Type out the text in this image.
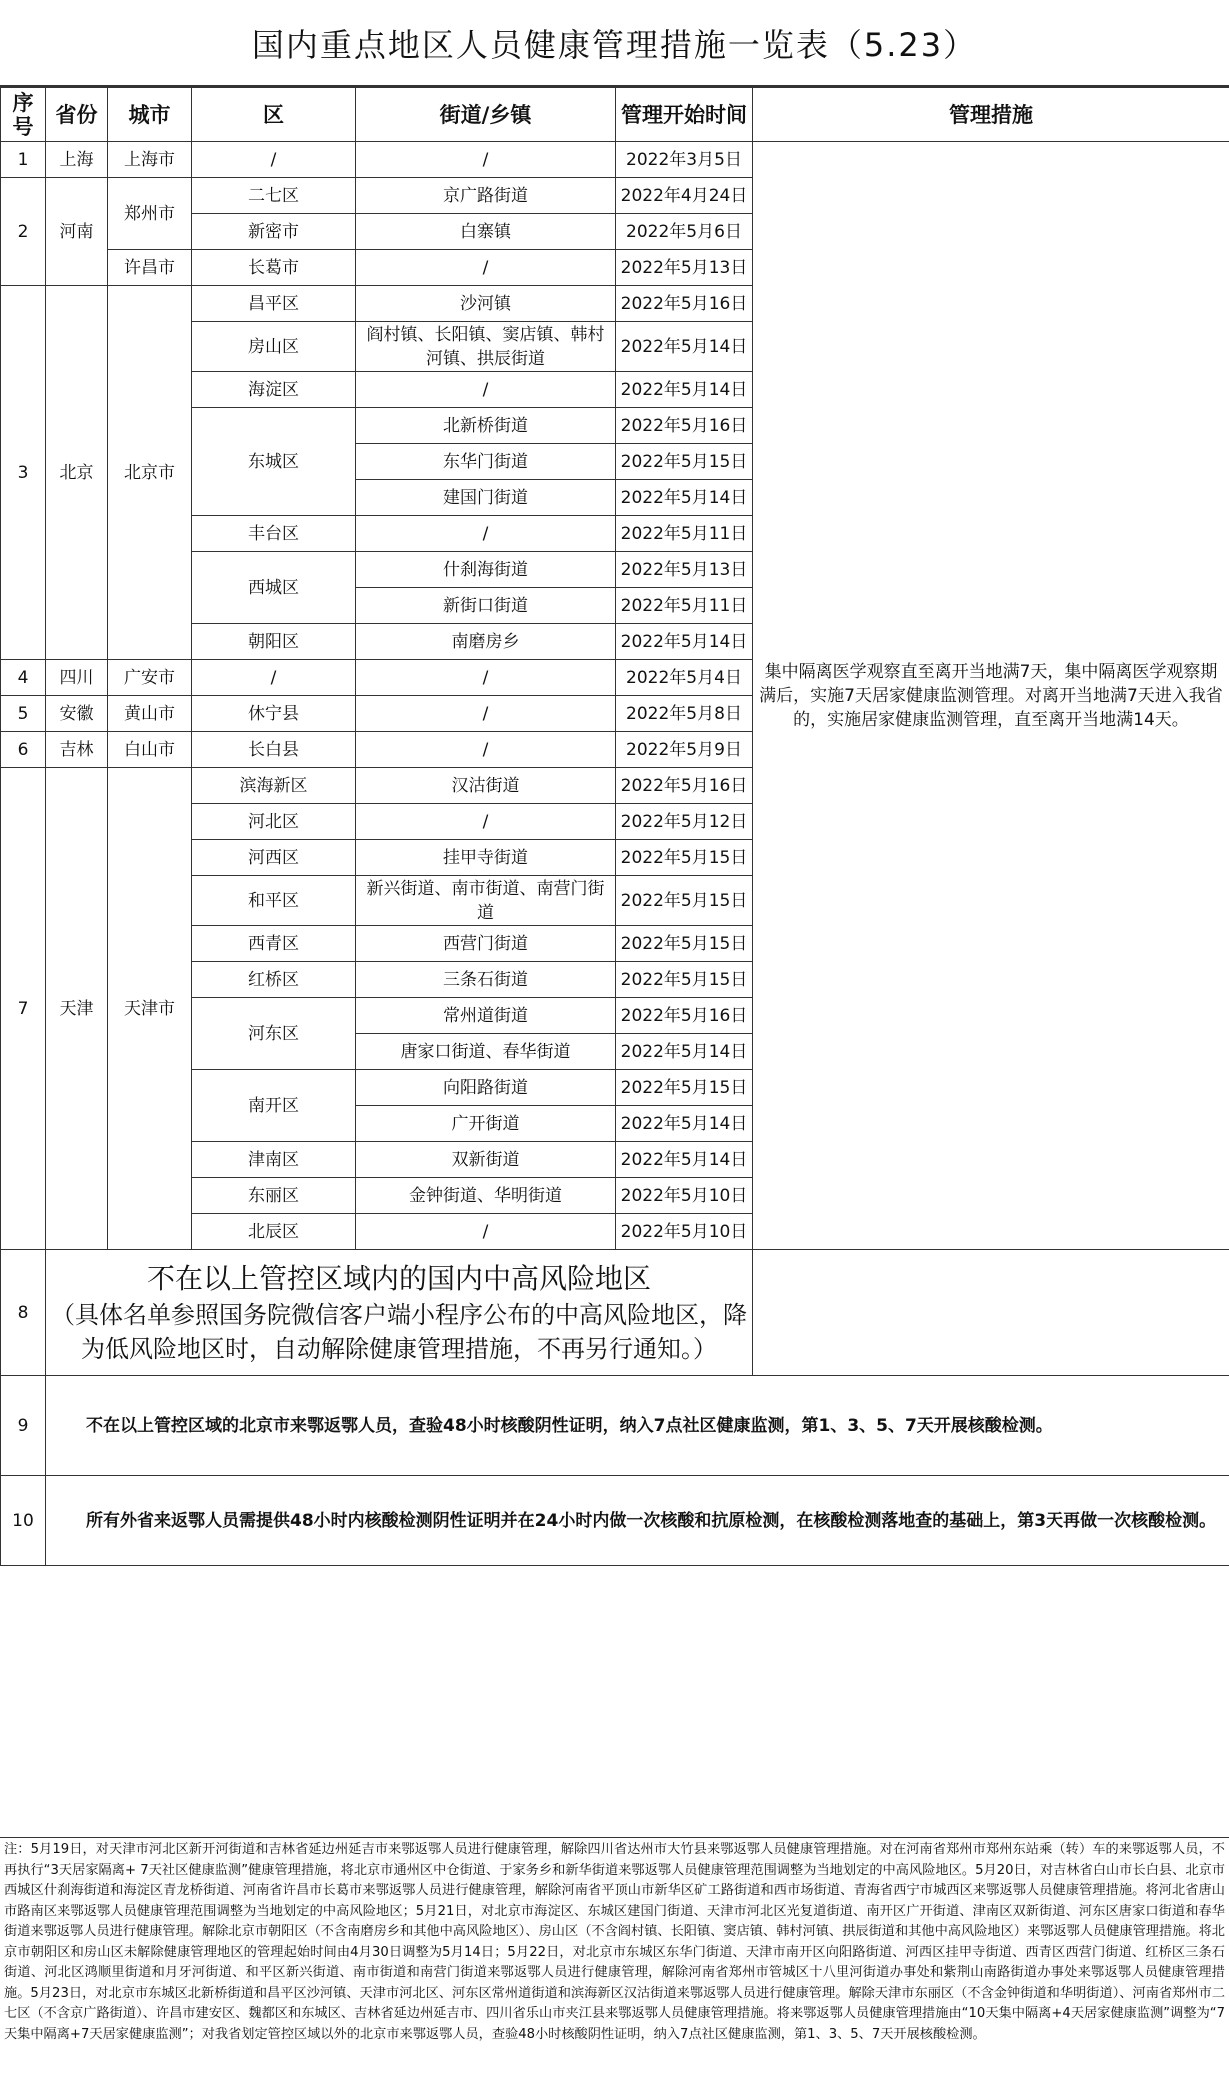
国内重点地区人员健康管理措施一览表（5.23）
序号	省份	城市	区	街道/乡镇	管理开始时间	管理措施
1	上海	上海市	/	/	2022年3月5日	集中隔离医学观察直至离开当地满7天，集中隔离医学观察期满后，实施7天居家健康监测管理。对离开当地满7天进入我省的，实施居家健康监测管理，直至离开当地满14天。
2	河南	郑州市	二七区	京广路街道	2022年4月24日	
			新密市	白寨镇	2022年5月6日	
		许昌市	长葛市	/	2022年5月13日	
3	北京	北京市	昌平区	沙河镇	2022年5月16日	
			房山区	阎村镇、长阳镇、窦店镇、韩村河镇、拱辰街道	2022年5月14日	
			海淀区	/	2022年5月14日	
			东城区	北新桥街道	2022年5月16日	
				东华门街道	2022年5月15日	
				建国门街道	2022年5月14日	
			丰台区	/	2022年5月11日	
			西城区	什刹海街道	2022年5月13日	
				新街口街道	2022年5月11日	
			朝阳区	南磨房乡	2022年5月14日	
4	四川	广安市	/	/	2022年5月4日	
5	安徽	黄山市	休宁县	/	2022年5月8日	
6	吉林	白山市	长白县	/	2022年5月9日	
7	天津	天津市	滨海新区	汉沽街道	2022年5月16日	
			河北区	/	2022年5月12日	
			河西区	挂甲寺街道	2022年5月15日	
			和平区	新兴街道、南市街道、南营门街道	2022年5月15日	
			西青区	西营门街道	2022年5月15日	
			红桥区	三条石街道	2022年5月15日	
			河东区	常州道街道	2022年5月16日	
				唐家口街道、春华街道	2022年5月14日	
			南开区	向阳路街道	2022年5月15日	
				广开街道	2022年5月14日	
			津南区	双新街道	2022年5月14日	
			东丽区	金钟街道、华明街道	2022年5月10日	
			北辰区	/	2022年5月10日	
8	不在以上管控区域内的国内中高风险地区
（具体名单参照国务院微信客户端小程序公布的中高风险地区，降为低风险地区时，自动解除健康管理措施，不再另行通知。）					

9	不在以上管控区域的北京市来鄂返鄂人员，查验48小时核酸阴性证明，纳入7点社区健康监测，第1、3、5、7天开展核酸检测。					
10	所有外省来返鄂人员需提供48小时内核酸检测阴性证明并在24小时内做一次核酸和抗原检测，在核酸检测落地查的基础上，第3天再做一次核酸检测。					
注：5月19日，对天津市河北区新开河街道和吉林省延边州延吉市来鄂返鄂人员进行健康管理，解除四川省达州市大竹县来鄂返鄂人员健康管理措施。对在河南省郑州市郑州东站乘（转）车的来鄂返鄂人员，不再执行“3天居家隔离+ 7天社区健康监测”健康管理措施，将北京市通州区中仓街道、于家务乡和新华街道来鄂返鄂人员健康管理范围调整为当地划定的中高风险地区。5月20日，对吉林省白山市长白县、北京市西城区什刹海街道和海淀区青龙桥街道、河南省许昌市长葛市来鄂返鄂人员进行健康管理，解除河南省平顶山市新华区矿工路街道和西市场街道、青海省西宁市城西区来鄂返鄂人员健康管理措施。将河北省唐山市路南区来鄂返鄂人员健康管理范围调整为当地划定的中高风险地区；5月21日，对北京市海淀区、东城区建国门街道、天津市河北区光复道街道、南开区广开街道、津南区双新街道、河东区唐家口街道和春华街道来鄂返鄂人员进行健康管理。解除北京市朝阳区（不含南磨房乡和其他中高风险地区）、房山区（不含阎村镇、长阳镇、窦店镇、韩村河镇、拱辰街道和其他中高风险地区）来鄂返鄂人员健康管理措施。将北京市朝阳区和房山区未解除健康管理地区的管理起始时间由4月30日调整为5月14日；5月22日，对北京市东城区东华门街道、天津市南开区向阳路街道、河西区挂甲寺街道、西青区西营门街道、红桥区三条石街道、河北区鸿顺里街道和月牙河街道、和平区新兴街道、南市街道和南营门街道来鄂返鄂人员进行健康管理，解除河南省郑州市管城区十八里河街道办事处和紫荆山南路街道办事处来鄂返鄂人员健康管理措施。5月23日，对北京市东城区北新桥街道和昌平区沙河镇、天津市河北区、河东区常州道街道和滨海新区汉沽街道来鄂返鄂人员进行健康管理。解除天津市东丽区（不含金钟街道和华明街道）、河南省郑州市二七区（不含京广路街道）、许昌市建安区、魏都区和东城区、吉林省延边州延吉市、四川省乐山市夹江县来鄂返鄂人员健康管理措施。将来鄂返鄂人员健康管理措施由“10天集中隔离+4天居家健康监测”调整为“7天集中隔离+7天居家健康监测”；对我省划定管控区域以外的北京市来鄂返鄂人员，查验48小时核酸阴性证明，纳入7点社区健康监测，第1、3、5、7天开展核酸检测。
